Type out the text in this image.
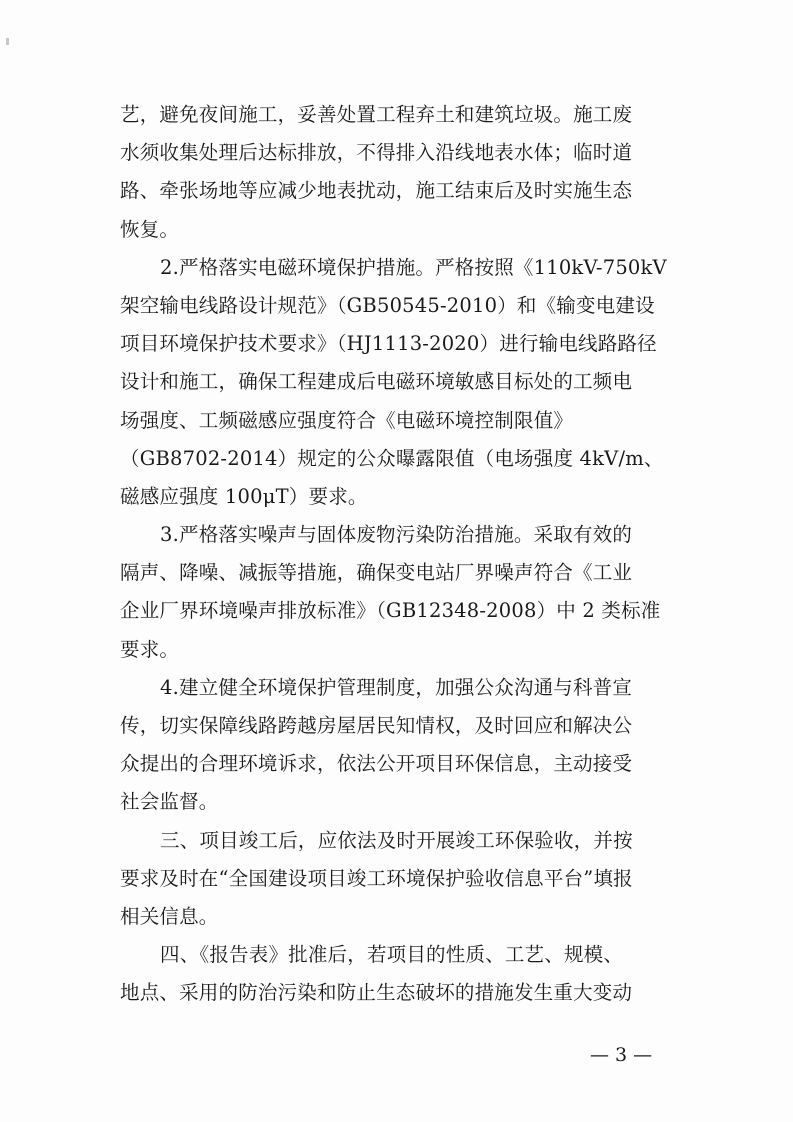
艺，避免夜间施工，妥善处置工程弃土和建筑垃圾。施工废
水须收集处理后达标排放，不得排入沿线地表水体；临时道
路、牵张场地等应减少地表扰动，施工结束后及时实施生态
恢复。
2.严格落实电磁环境保护措施。严格按照《110kV-750kV
架空输电线路设计规范》（GB50545-2010）和《输变电建设
项目环境保护技术要求》（HJ1113-2020）进行输电线路路径
设计和施工，确保工程建成后电磁环境敏感目标处的工频电
场强度、工频磁感应强度符合《电磁环境控制限值》
（GB8702-2014）规定的公众曝露限值（电场强度 4kV/m、
磁感应强度 100μT）要求。
3.严格落实噪声与固体废物污染防治措施。采取有效的
隔声、降噪、减振等措施，确保变电站厂界噪声符合《工业
企业厂界环境噪声排放标准》（GB12348-2008）中 2 类标准
要求。
4.建立健全环境保护管理制度，加强公众沟通与科普宣
传，切实保障线路跨越房屋居民知情权，及时回应和解决公
众提出的合理环境诉求，依法公开项目环保信息，主动接受
社会监督。
三、项目竣工后，应依法及时开展竣工环保验收，并按
要求及时在“全国建设项目竣工环境保护验收信息平台”填报
相关信息。
四、《报告表》批准后，若项目的性质、工艺、规模、
地点、采用的防治污染和防止生态破坏的措施发生重大变动
— 3 —
